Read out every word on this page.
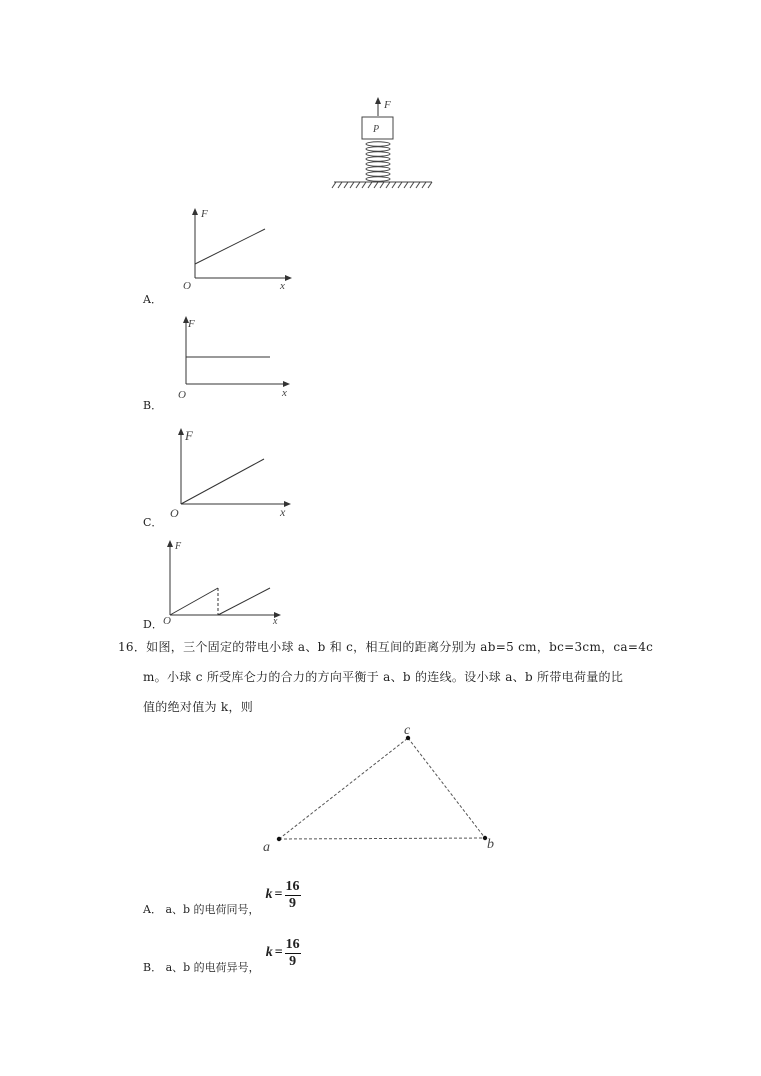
F
P
A．
F
x
O
B．
F
x
O
C．
F
x
O
D．
F
x
O
16．如图，三个固定的带电小球 a、b 和 c，相互间的距离分别为 ab=5 cm，bc=3cm，ca=4c
m。小球 c 所受库仑力的合力的方向平衡于 a、b 的连线。设小球 a、b 所带电荷量的比
值的绝对值为 k，则
a	b
c
A． a、b 的电荷同号，
$k = \frac{16}{9}$
B． a、b 的电荷异号，
$k = \frac{16}{9}$
